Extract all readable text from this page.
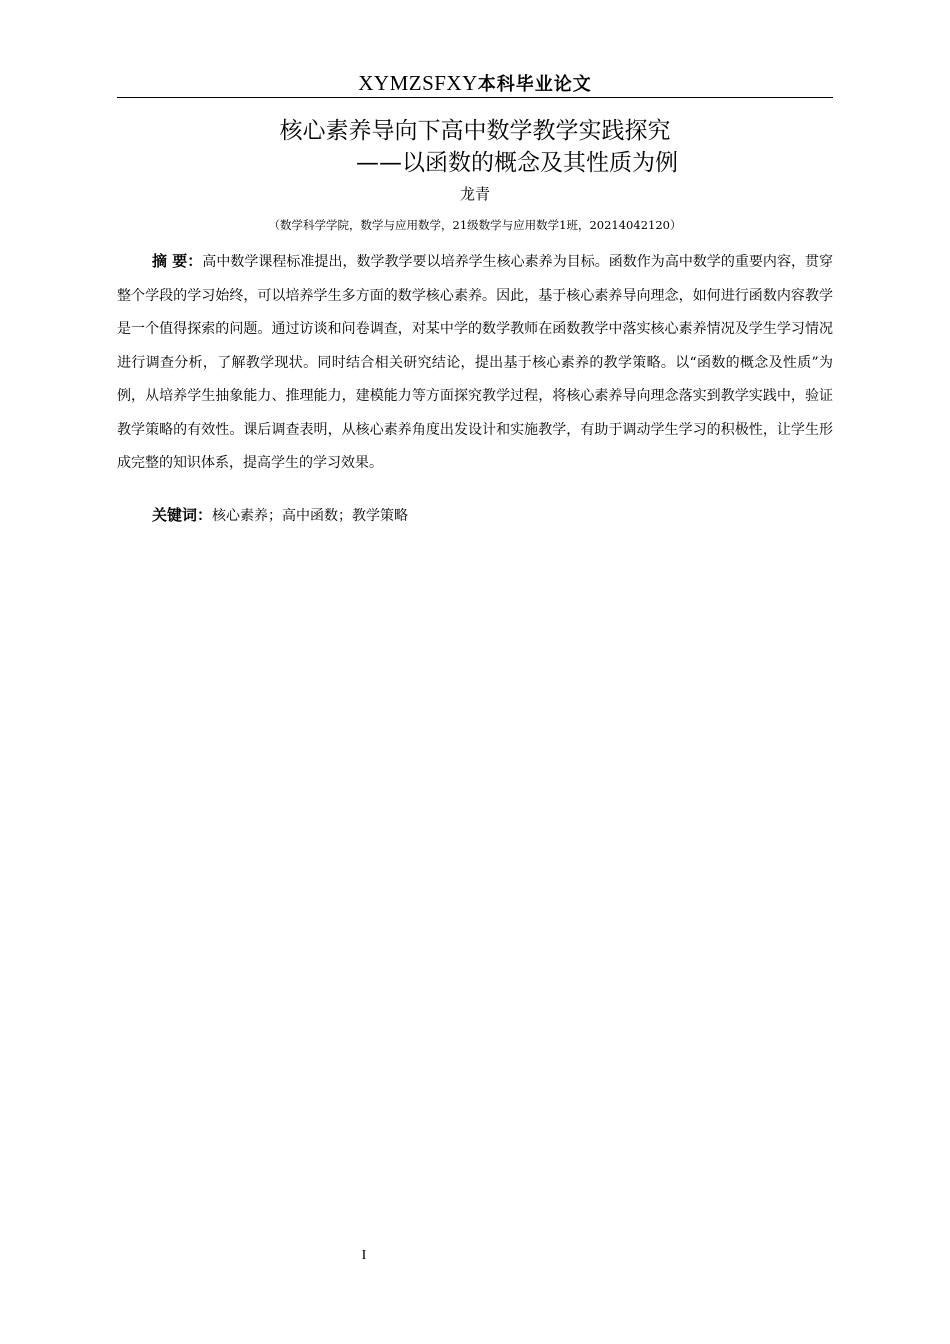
XYMZSFXY本科毕业论文
核心素养导向下高中数学教学实践探究
——以函数的概念及其性质为例
龙青
（数学科学学院，数学与应用数学，21级数学与应用数学1班，20214042120）

摘 要：高中数学课程标准提出，数学教学要以培养学生核心素养为目标。函数作为高中数学的重要内容，贯穿整个学段的学习始终，可以培养学生多方面的数学核心素养。因此，基于核心素养导向理念，如何进行函数内容教学是一个值得探索的问题。通过访谈和问卷调查，对某中学的数学教师在函数教学中落实核心素养情况及学生学习情况进行调查分析，了解教学现状。同时结合相关研究结论，提出基于核心素养的教学策略。以“函数的概念及性质”为例，从培养学生抽象能力、推理能力，建模能力等方面探究教学过程，将核心素养导向理念落实到教学实践中，验证教学策略的有效性。课后调查表明，从核心素养角度出发设计和实施教学，有助于调动学生学习的积极性，让学生形成完整的知识体系，提高学生的学习效果。

关键词：核心素养；高中函数；教学策略

I
